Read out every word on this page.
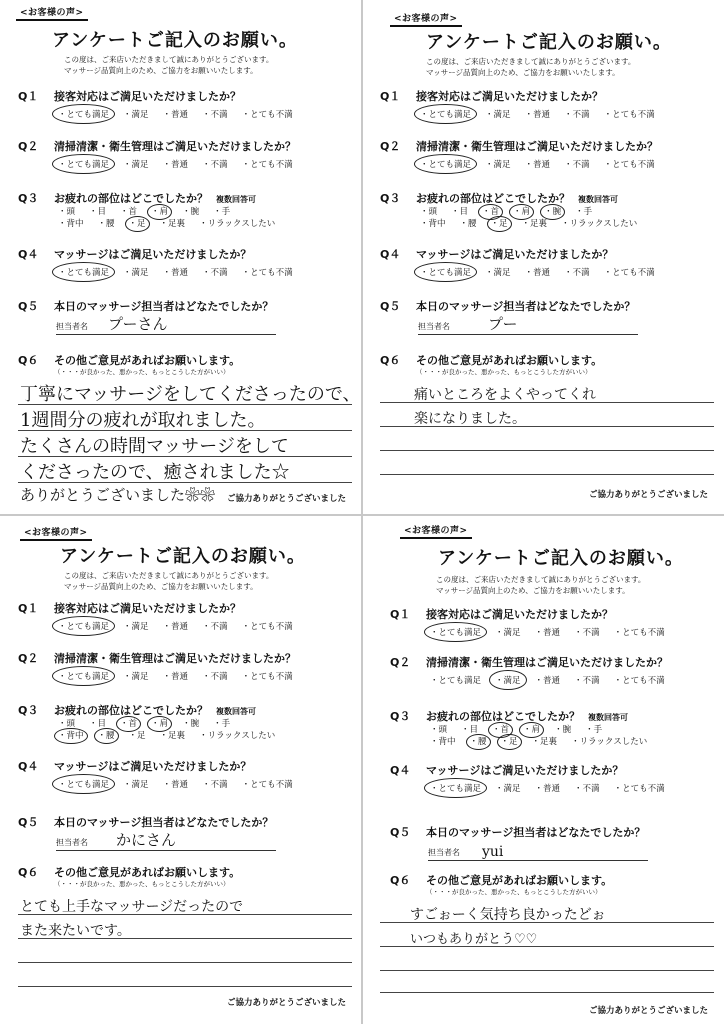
<お客様の声>
アンケートご記入のお願い。
この度は、ご来店いただきまして誠にありがとうございます。
マッサージ品質向上のため、ご協力をお願いいたします。
Q１ 接客対応はご満足いただけましたか？
・とても満足 ・満足 ・普通 ・不満 ・とても不満
Q２ 清掃清潔・衛生管理はご満足いただけましたか？
・とても満足 ・満足 ・普通 ・不満 ・とても不満
Q３ お疲れの部位はどこでしたか？ 複数回答可
・頭 ・目 ・首 ・肩 ・腕 ・手
・背中 ・腰 ・足 ・足裏 ・リラックスしたい
Q４ マッサージはご満足いただけましたか？
・とても満足 ・満足 ・普通 ・不満 ・とても不満
Q５ 本日のマッサージ担当者はどなたでしたか？
担当者名 プーさん
Q６ その他ご意見があればお願いします。
（・・・が良かった、悪かった、もっとこうした方がいい）
丁寧にマッサージをしてくださったので、
1週間分の疲れが取れました。
たくさんの時間マッサージをして
くださったので、癒されました☆
ありがとうございました❀❀ ご協力ありがとうございました
<お客様の声>
アンケートご記入のお願い。
この度は、ご来店いただきまして誠にありがとうございます。
マッサージ品質向上のため、ご協力をお願いいたします。
Q１ 接客対応はご満足いただけましたか？
・とても満足 ・満足 ・普通 ・不満 ・とても不満
Q２ 清掃清潔・衛生管理はご満足いただけましたか？
・とても満足 ・満足 ・普通 ・不満 ・とても不満
Q３ お疲れの部位はどこでしたか？ 複数回答可
・頭 ・目 ・首 ・肩 ・腕 ・手
・背中 ・腰 ・足 ・足裏 ・リラックスしたい
Q４ マッサージはご満足いただけましたか？
・とても満足 ・満足 ・普通 ・不満 ・とても不満
Q５ 本日のマッサージ担当者はどなたでしたか？
担当者名	プー
Q６ その他ご意見があればお願いします。
（・・・が良かった、悪かった、もっとこうした方がいい）
痛いところをよくやってくれ
楽になりました。
ご協力ありがとうございました
<お客様の声>
アンケートご記入のお願い。
この度は、ご来店いただきまして誠にありがとうございます。
マッサージ品質向上のため、ご協力をお願いいたします。
Q１ 接客対応はご満足いただけましたか？
・とても満足 ・満足 ・普通 ・不満 ・とても不満
Q２ 清掃清潔・衛生管理はご満足いただけましたか？
・とても満足 ・満足 ・普通 ・不満 ・とても不満
Q３ お疲れの部位はどこでしたか？ 複数回答可
・頭 ・目 ・首 ・肩 ・腕 ・手
・背中 ・腰 ・足 ・足裏 ・リラックスしたい
Q４ マッサージはご満足いただけましたか？
・とても満足 ・満足 ・普通 ・不満 ・とても不満
Q５ 本日のマッサージ担当者はどなたでしたか？
担当者名 かにさん
Q６ その他ご意見があればお願いします。
（・・・が良かった、悪かった、もっとこうした方がいい）
とても上手なマッサージだったので
また来たいです。
ご協力ありがとうございました
<お客様の声>
アンケートご記入のお願い。
この度は、ご来店いただきまして誠にありがとうございます。
マッサージ品質向上のため、ご協力をお願いいたします。
Q１ 接客対応はご満足いただけましたか？
・とても満足 ・満足 ・普通 ・不満 ・とても不満
Q２ 清掃清潔・衛生管理はご満足いただけましたか？
・とても満足 ・満足 ・普通 ・不満 ・とても不満
Q３ お疲れの部位はどこでしたか？ 複数回答可
・頭 ・目 ・首 ・肩 ・腕 ・手
・背中 ・腰 ・足 ・足裏 ・リラックスしたい
Q４ マッサージはご満足いただけましたか？
・とても満足 ・満足 ・普通 ・不満 ・とても不満
Q５ 本日のマッサージ担当者はどなたでしたか？
担当者名 yui
Q６ その他ご意見があればお願いします。
（・・・が良かった、悪かった、もっとこうした方がいい）
すごぉーく気持ち良かったどぉ
いつもありがとう♡♡
ご協力ありがとうございました
